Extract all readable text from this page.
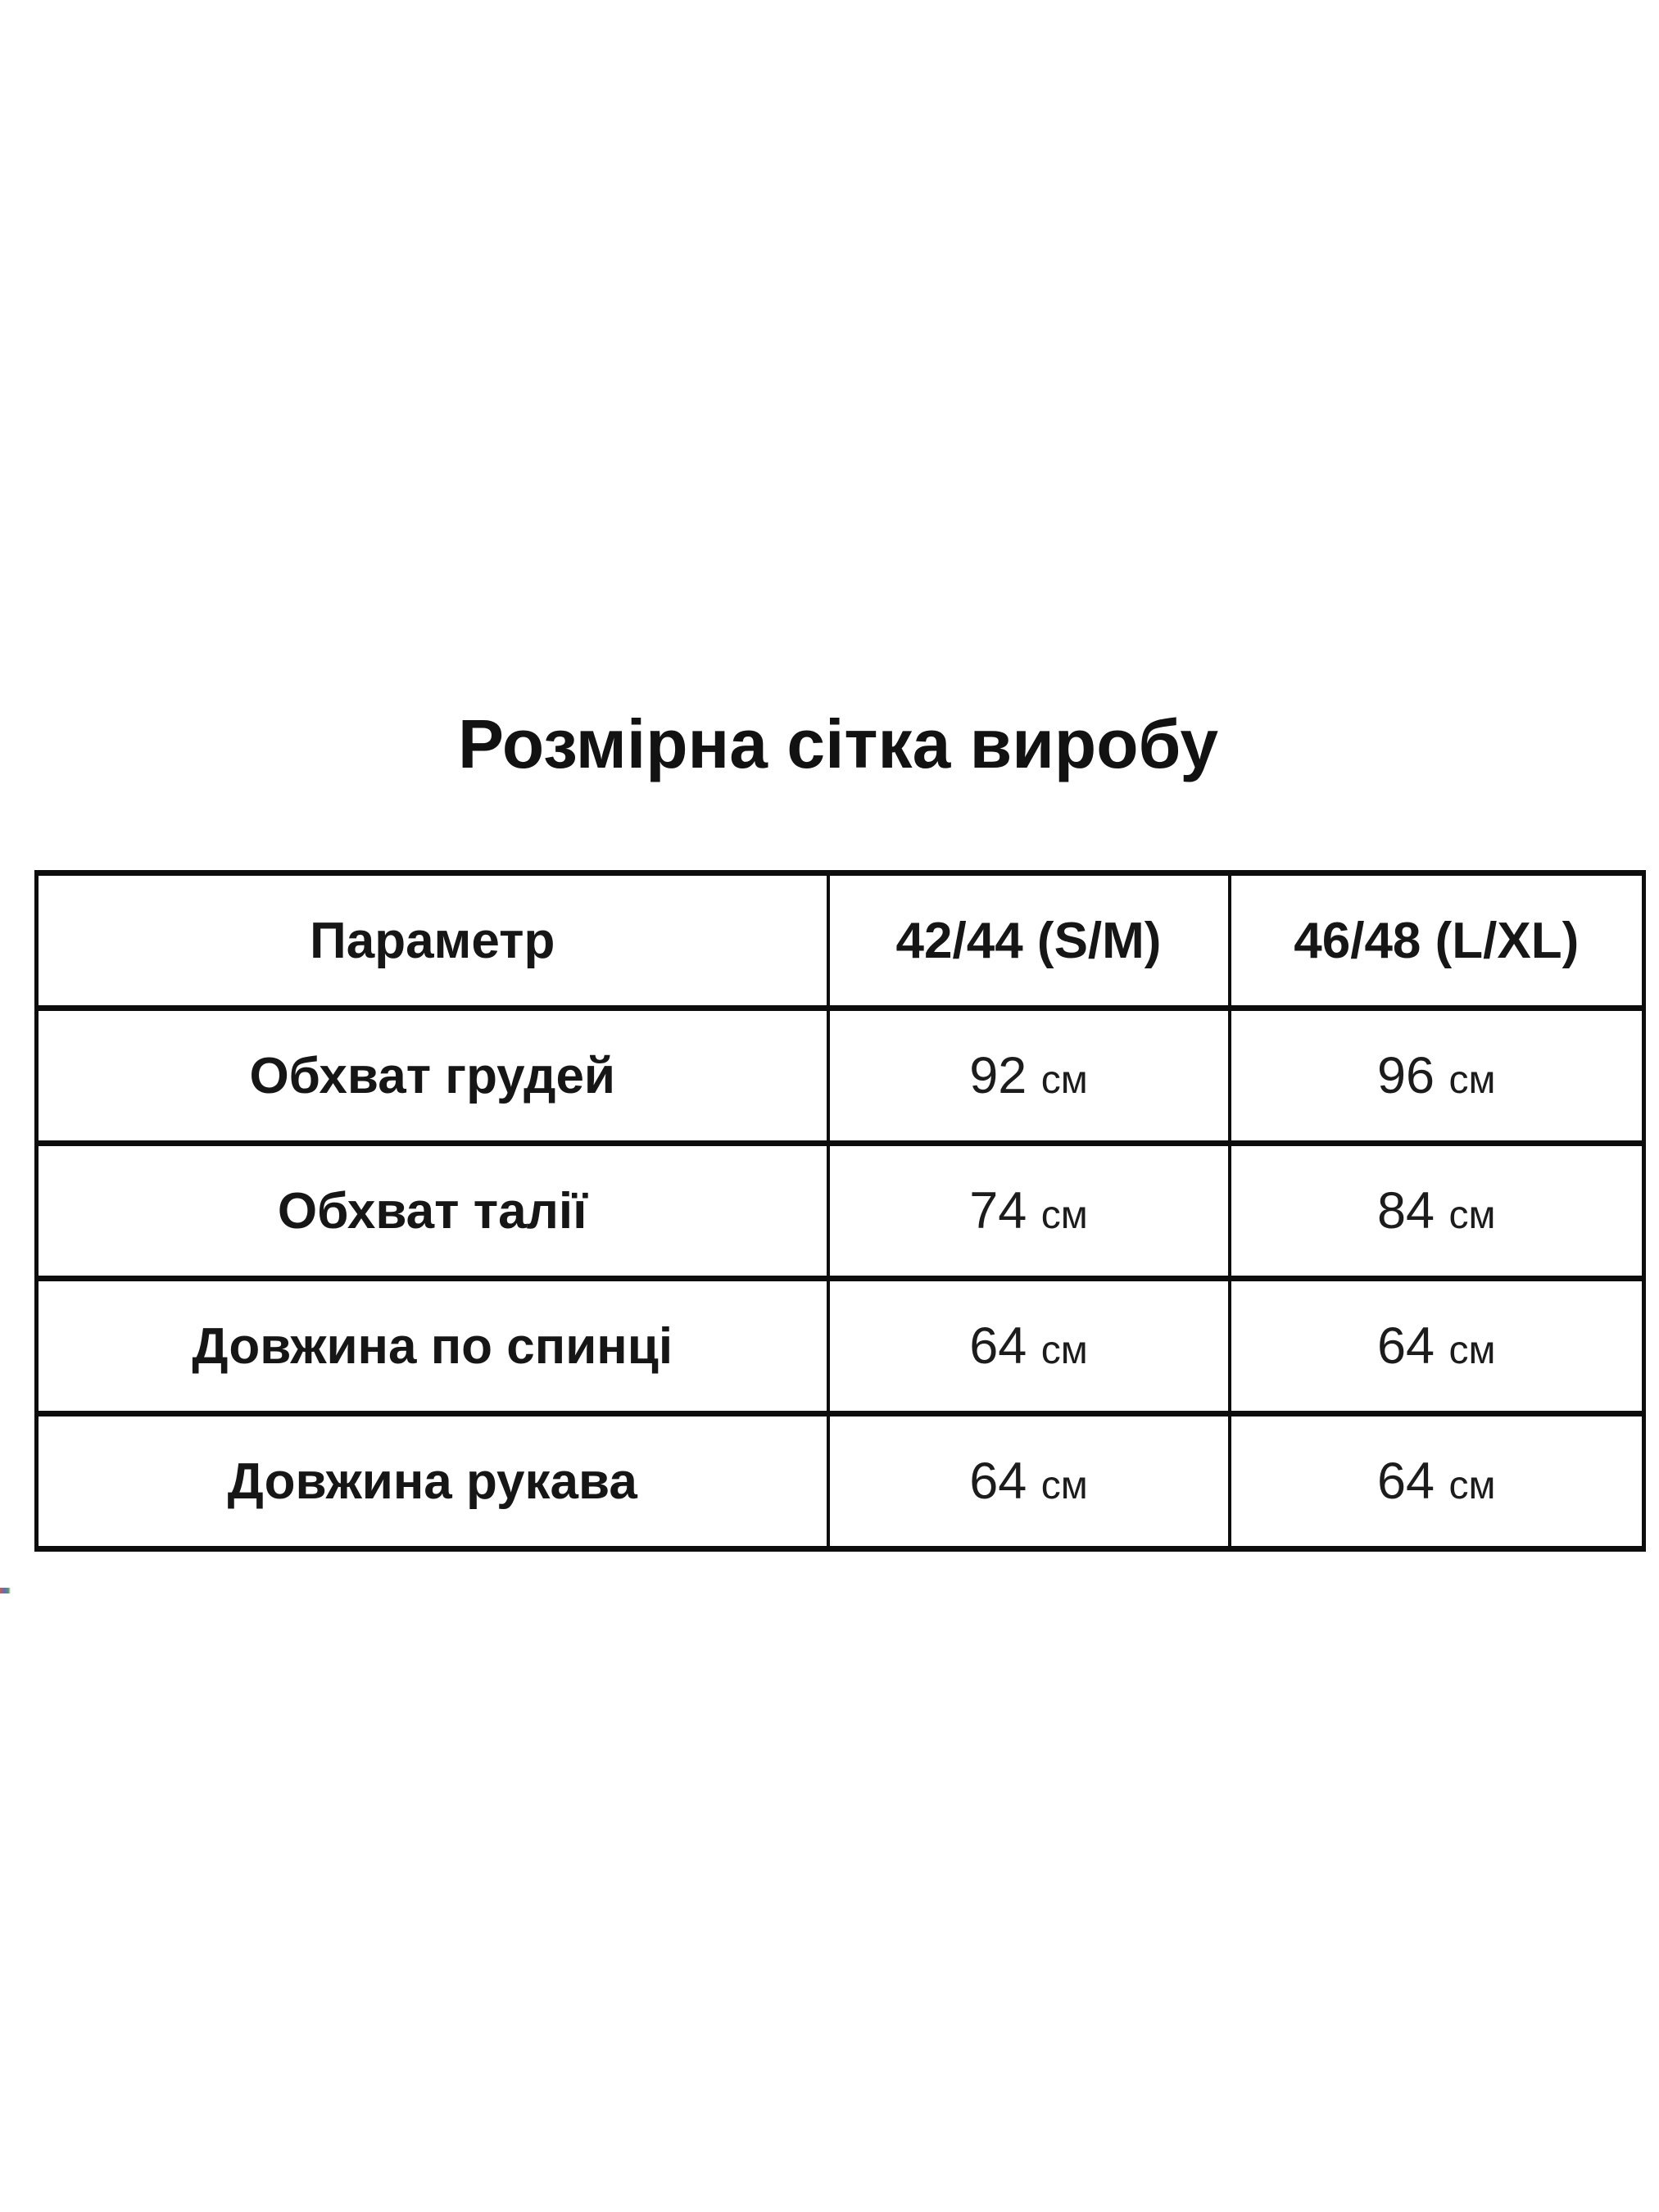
Розмірна сітка виробу
Параметр	42/44 (S/M)	46/48 (L/XL)
Обхват грудей	92 см	96 см
Обхват талії	74 см	84 см
Довжина по спинці	64 см	64 см
Довжина рукава	64 см	64 см
